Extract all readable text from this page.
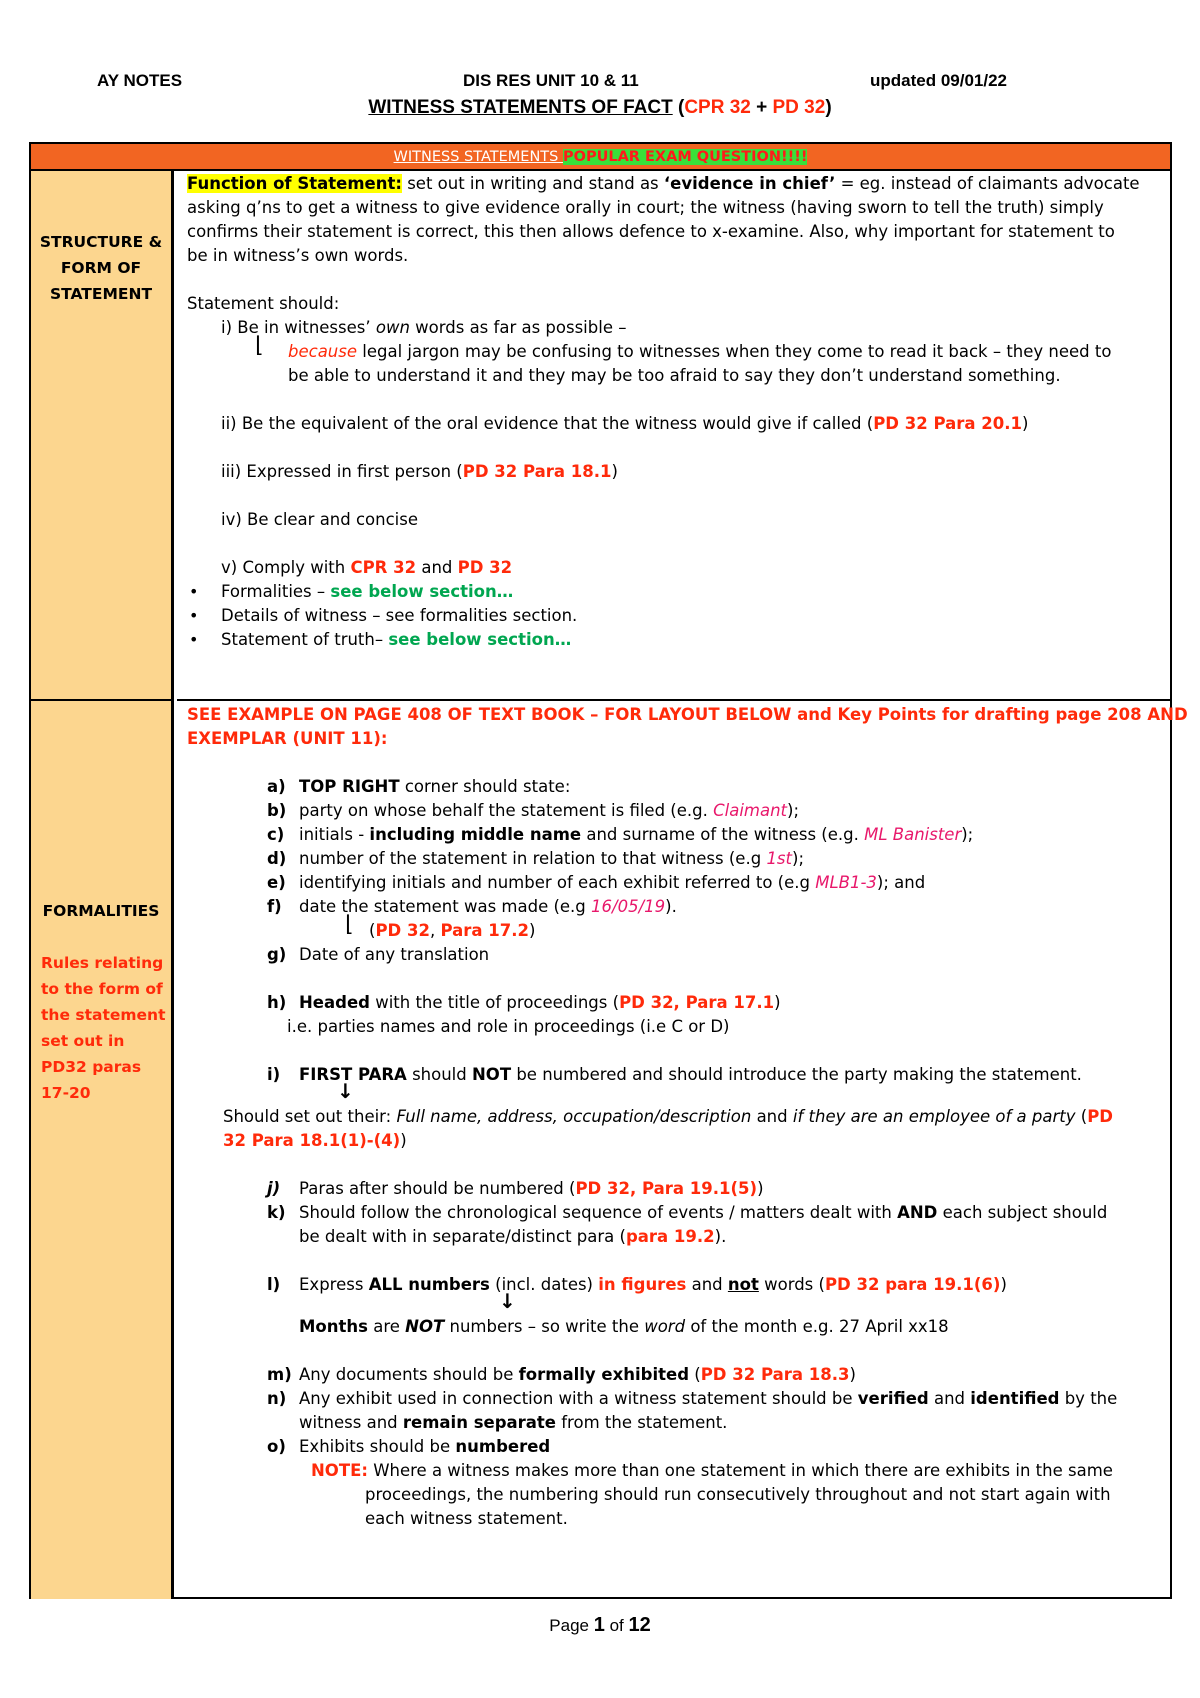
AY NOTES	DIS RES UNIT 10 & 11	updated 09/01/22
WITNESS STATEMENTS OF FACT (CPR 32 + PD 32)
WITNESS STATEMENTS POPULAR EXAM QUESTION!!!!
STRUCTURE & FORM OF STATEMENT
Function of Statement: set out in writing and stand as ‘evidence in chief’ = eg. instead of claimants advocate
asking q’ns to get a witness to give evidence orally in court; the witness (having sworn to tell the truth) simply
confirms their statement is correct, this then allows defence to x-examine. Also, why important for statement to
be in witness’s own words.
Statement should:
i) Be in witnesses’ own words as far as possible –
⌊ because legal jargon may be confusing to witnesses when they come to read it back – they need to
be able to understand it and they may be too afraid to say they don’t understand something.
ii) Be the equivalent of the oral evidence that the witness would give if called (PD 32 Para 20.1)
iii) Expressed in first person (PD 32 Para 18.1)
iv) Be clear and concise
v) Comply with CPR 32 and PD 32
• Formalities – see below section…
• Details of witness – see formalities section.
• Statement of truth– see below section…
FORMALITIES
Rules relating to the form of the statement set out in PD32 paras 17-20
SEE EXAMPLE ON PAGE 408 OF TEXT BOOK – FOR LAYOUT BELOW and Key Points for drafting page 208 AND
EXEMPLAR (UNIT 11):
a) TOP RIGHT corner should state:
b) party on whose behalf the statement is filed (e.g. Claimant);
c) initials - including middle name and surname of the witness (e.g. ML Banister);
d) number of the statement in relation to that witness (e.g 1st);
e) identifying initials and number of each exhibit referred to (e.g MLB1-3); and
f) date the statement was made (e.g 16/05/19).
⌊ (PD 32, Para 17.2)
g) Date of any translation
h) Headed with the title of proceedings (PD 32, Para 17.1)
i.e. parties names and role in proceedings (i.e C or D)
i) FIRST PARA should NOT be numbered and should introduce the party making the statement.
↓
Should set out their: Full name, address, occupation/description and if they are an employee of a party (PD
32 Para 18.1(1)-(4))
j) Paras after should be numbered (PD 32, Para 19.1(5))
k) Should follow the chronological sequence of events / matters dealt with AND each subject should
be dealt with in separate/distinct para (para 19.2).
l) Express ALL numbers (incl. dates) in figures and not words (PD 32 para 19.1(6))
↓
Months are NOT numbers – so write the word of the month e.g. 27 April xx18
m) Any documents should be formally exhibited (PD 32 Para 18.3)
n) Any exhibit used in connection with a witness statement should be verified and identified by the
witness and remain separate from the statement.
o) Exhibits should be numbered
NOTE: Where a witness makes more than one statement in which there are exhibits in the same
proceedings, the numbering should run consecutively throughout and not start again with
each witness statement.
Page 1 of 12
